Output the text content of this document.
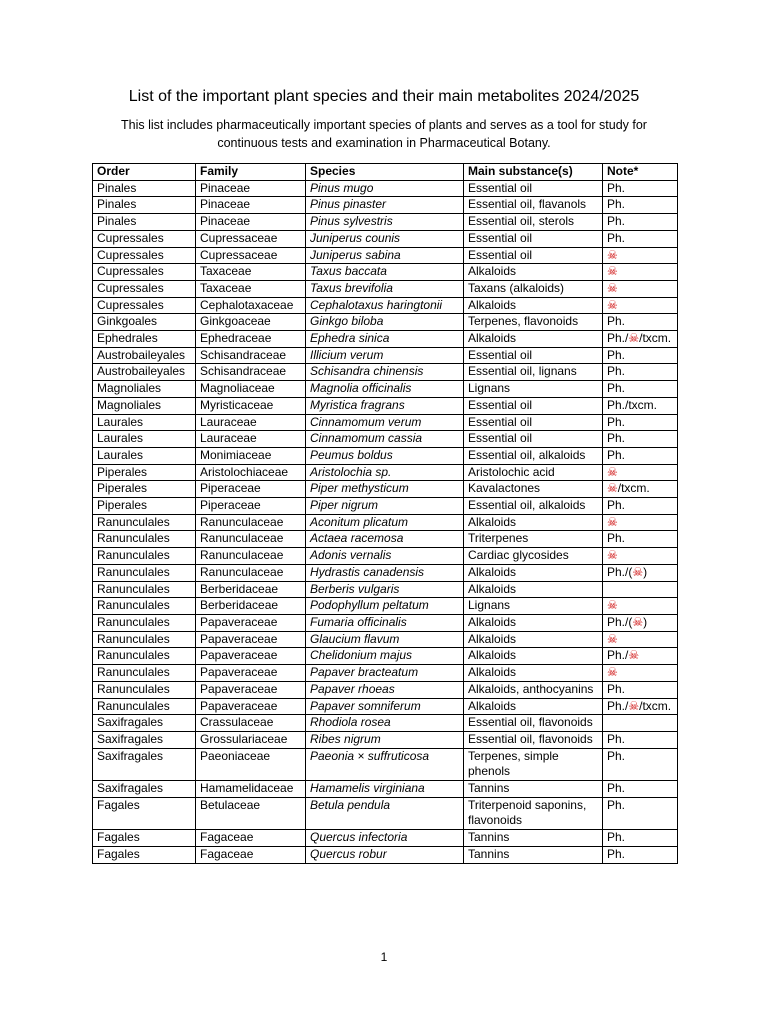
List of the important plant species and their main metabolites 2024/2025
This list includes pharmaceutically important species of plants and serves as a tool for study for continuous tests and examination in Pharmaceutical Botany.
Order	Family	Species	Main substance(s)	Note*
Pinales	Pinaceae	Pinus mugo	Essential oil	Ph.
Pinales	Pinaceae	Pinus pinaster	Essential oil, flavanols	Ph.
Pinales	Pinaceae	Pinus sylvestris	Essential oil, sterols	Ph.
Cupressales	Cupressaceae	Juniperus counis	Essential oil	Ph.
Cupressales	Cupressaceae	Juniperus sabina	Essential oil	☠
Cupressales	Taxaceae	Taxus baccata	Alkaloids	☠
Cupressales	Taxaceae	Taxus brevifolia	Taxans (alkaloids)	☠
Cupressales	Cephalotaxaceae	Cephalotaxus haringtonii	Alkaloids	☠
Ginkgoales	Ginkgoaceae	Ginkgo biloba	Terpenes, flavonoids	Ph.
Ephedrales	Ephedraceae	Ephedra sinica	Alkaloids	Ph./☠/txcm.
Austrobaileyales	Schisandraceae	Illicium verum	Essential oil	Ph.
Austrobaileyales	Schisandraceae	Schisandra chinensis	Essential oil, lignans	Ph.
Magnoliales	Magnoliaceae	Magnolia officinalis	Lignans	Ph.
Magnoliales	Myristicaceae	Myristica fragrans	Essential oil	Ph./txcm.
Laurales	Lauraceae	Cinnamomum verum	Essential oil	Ph.
Laurales	Lauraceae	Cinnamomum cassia	Essential oil	Ph.
Laurales	Monimiaceae	Peumus boldus	Essential oil, alkaloids	Ph.
Piperales	Aristolochiaceae	Aristolochia sp.	Aristolochic acid	☠
Piperales	Piperaceae	Piper methysticum	Kavalactones	☠/txcm.
Piperales	Piperaceae	Piper nigrum	Essential oil, alkaloids	Ph.
Ranunculales	Ranunculaceae	Aconitum plicatum	Alkaloids	☠
Ranunculales	Ranunculaceae	Actaea racemosa	Triterpenes	Ph.
Ranunculales	Ranunculaceae	Adonis vernalis	Cardiac glycosides	☠
Ranunculales	Ranunculaceae	Hydrastis canadensis	Alkaloids	Ph./(☠)
Ranunculales	Berberidaceae	Berberis vulgaris	Alkaloids	
Ranunculales	Berberidaceae	Podophyllum peltatum	Lignans	☠
Ranunculales	Papaveraceae	Fumaria officinalis	Alkaloids	Ph./(☠)
Ranunculales	Papaveraceae	Glaucium flavum	Alkaloids	☠
Ranunculales	Papaveraceae	Chelidonium majus	Alkaloids	Ph./☠
Ranunculales	Papaveraceae	Papaver bracteatum	Alkaloids	☠
Ranunculales	Papaveraceae	Papaver rhoeas	Alkaloids, anthocyanins	Ph.
Ranunculales	Papaveraceae	Papaver somniferum	Alkaloids	Ph./☠/txcm.
Saxifragales	Crassulaceae	Rhodiola rosea	Essential oil, flavonoids	
Saxifragales	Grossulariaceae	Ribes nigrum	Essential oil, flavonoids	Ph.
Saxifragales	Paeoniaceae	Paeonia × suffruticosa	Terpenes, simple phenols	Ph.
Saxifragales	Hamamelidaceae	Hamamelis virginiana	Tannins	Ph.
Fagales	Betulaceae	Betula pendula	Triterpenoid saponins, flavonoids	Ph.
Fagales	Fagaceae	Quercus infectoria	Tannins	Ph.
Fagales	Fagaceae	Quercus robur	Tannins	Ph.
1
